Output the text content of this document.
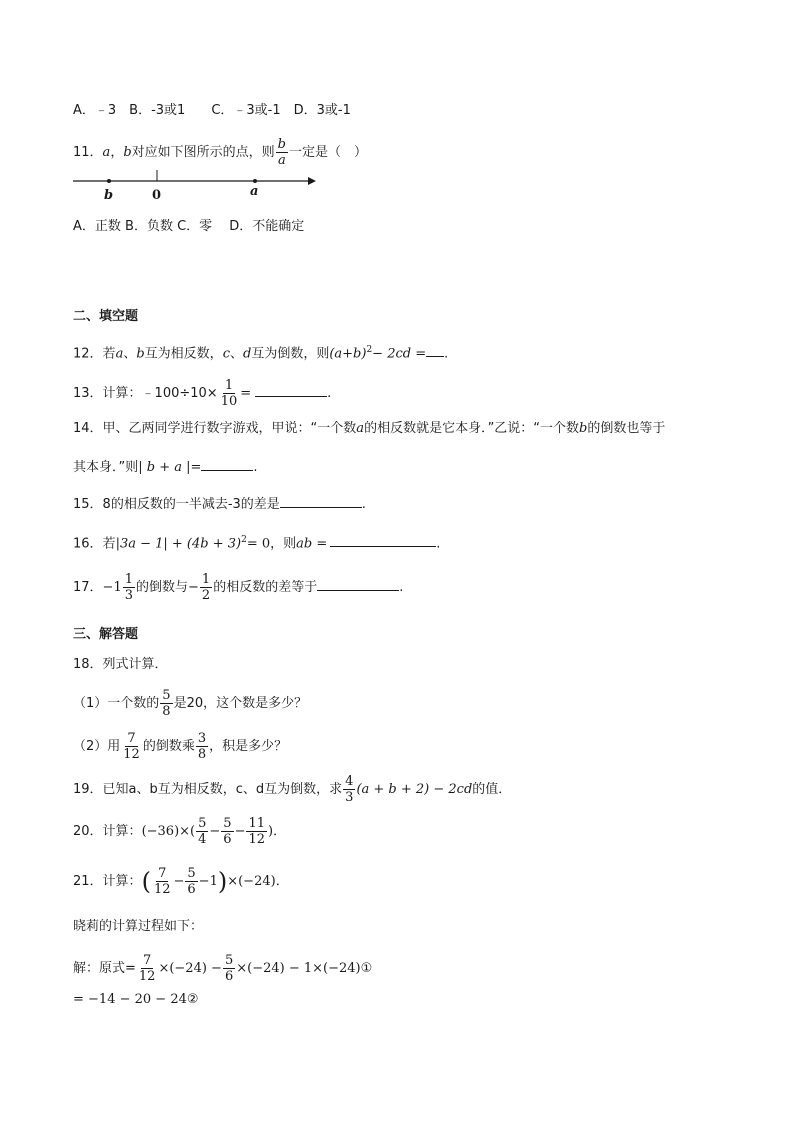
A．﹣3　B．-3或1　　C．﹣3或-1　D．3或-1
11．a，b对应如下图所示的点，则 $\frac{b}{a}$ 一定是（　）
b	0	a
A．正数 B．负数 C．零　 D．不能确定
二、填空题
12．若a、b互为相反数，c、d互为倒数，则$(a+b)^2- 2cd$ = .
13．计算：﹣100÷10× $\frac{1}{10}$ =	.
14．甲、乙两同学进行数字游戏，甲说：“一个数a的相反数就是它本身．”乙说：“一个数b的倒数也等于
其本身．”则| b + a |=	.
15．8的相反数的一半减去-3的差是	.
16．若$|3a - 1| + (4b + 3)^2= 0$，则ab =	.
17．$-1 \frac{1}{3}$ 的倒数与− $\frac{1}{2}$ 的相反数的差等于	.
三、解答题
18．列式计算．
（1）一个数的 $\frac{5}{8}$ 是20，这个数是多少？
（2）用 $\frac{7}{12}$ 的倒数乘 $\frac{3}{8}$ ，积是多少？
19．已知a、b互为相反数，c、d互为倒数，求 $\frac{4}{3} (a + b + 2) - 2cd$的值．
20．计算：$(-36)\times( \frac{5}{4} - \frac{5}{6} - \frac{11}{12}$ )．
21．计算：( $\frac{7}{12} - \frac{5}{6} -1)\times(-24)$．
晓莉的计算过程如下：
解：原式= $\frac{7}{12} \times(-24) - \frac{5}{6} \times(-24)$ − 1×(−24)①
= −14 − 20 − 24②
